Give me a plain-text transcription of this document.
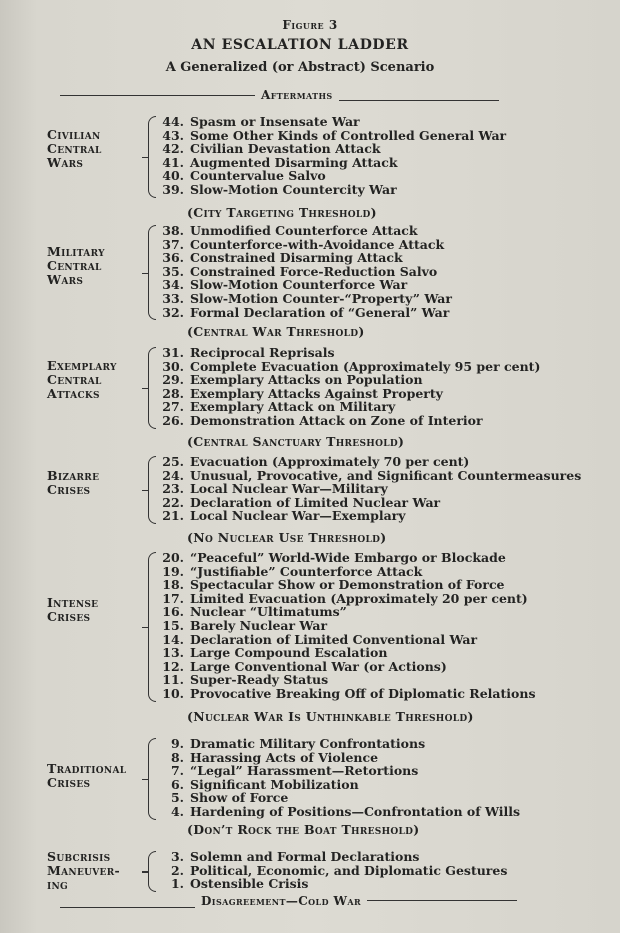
Figure 3
AN ESCALATION LADDER
A Generalized (or Abstract) Scenario
Aftermaths
Civilian Central Wars
44. Spasm or Insensate War
43. Some Other Kinds of Controlled General War
42. Civilian Devastation Attack
41. Augmented Disarming Attack
40. Countervalue Salvo
39. Slow-Motion Countercity War
(City Targeting Threshold)
Military Central Wars
38. Unmodified Counterforce Attack
37. Counterforce-with-Avoidance Attack
36. Constrained Disarming Attack
35. Constrained Force-Reduction Salvo
34. Slow-Motion Counterforce War
33. Slow-Motion Counter-“Property” War
32. Formal Declaration of “General” War
(Central War Threshold)
Exemplary Central Attacks
31. Reciprocal Reprisals
30. Complete Evacuation (Approximately 95 per cent)
29. Exemplary Attacks on Population
28. Exemplary Attacks Against Property
27. Exemplary Attack on Military
26. Demonstration Attack on Zone of Interior
(Central Sanctuary Threshold)
Bizarre Crises
25. Evacuation (Approximately 70 per cent)
24. Unusual, Provocative, and Significant Countermeasures
23. Local Nuclear War—Military
22. Declaration of Limited Nuclear War
21. Local Nuclear War—Exemplary
(No Nuclear Use Threshold)
Intense Crises
20. “Peaceful” World-Wide Embargo or Blockade
19. “Justifiable” Counterforce Attack
18. Spectacular Show or Demonstration of Force
17. Limited Evacuation (Approximately 20 per cent)
16. Nuclear “Ultimatums”
15. Barely Nuclear War
14. Declaration of Limited Conventional War
13. Large Compound Escalation
12. Large Conventional War (or Actions)
11. Super-Ready Status
10. Provocative Breaking Off of Diplomatic Relations
(Nuclear War Is Unthinkable Threshold)
Traditional Crises
9. Dramatic Military Confrontations
8. Harassing Acts of Violence
7. “Legal” Harassment—Retortions
6. Significant Mobilization
5. Show of Force
4. Hardening of Positions—Confrontation of Wills
(Don’t Rock the Boat Threshold)
Subcrisis Maneuver-ing
3. Solemn and Formal Declarations
2. Political, Economic, and Diplomatic Gestures
1. Ostensible Crisis
Disagreement—Cold War
